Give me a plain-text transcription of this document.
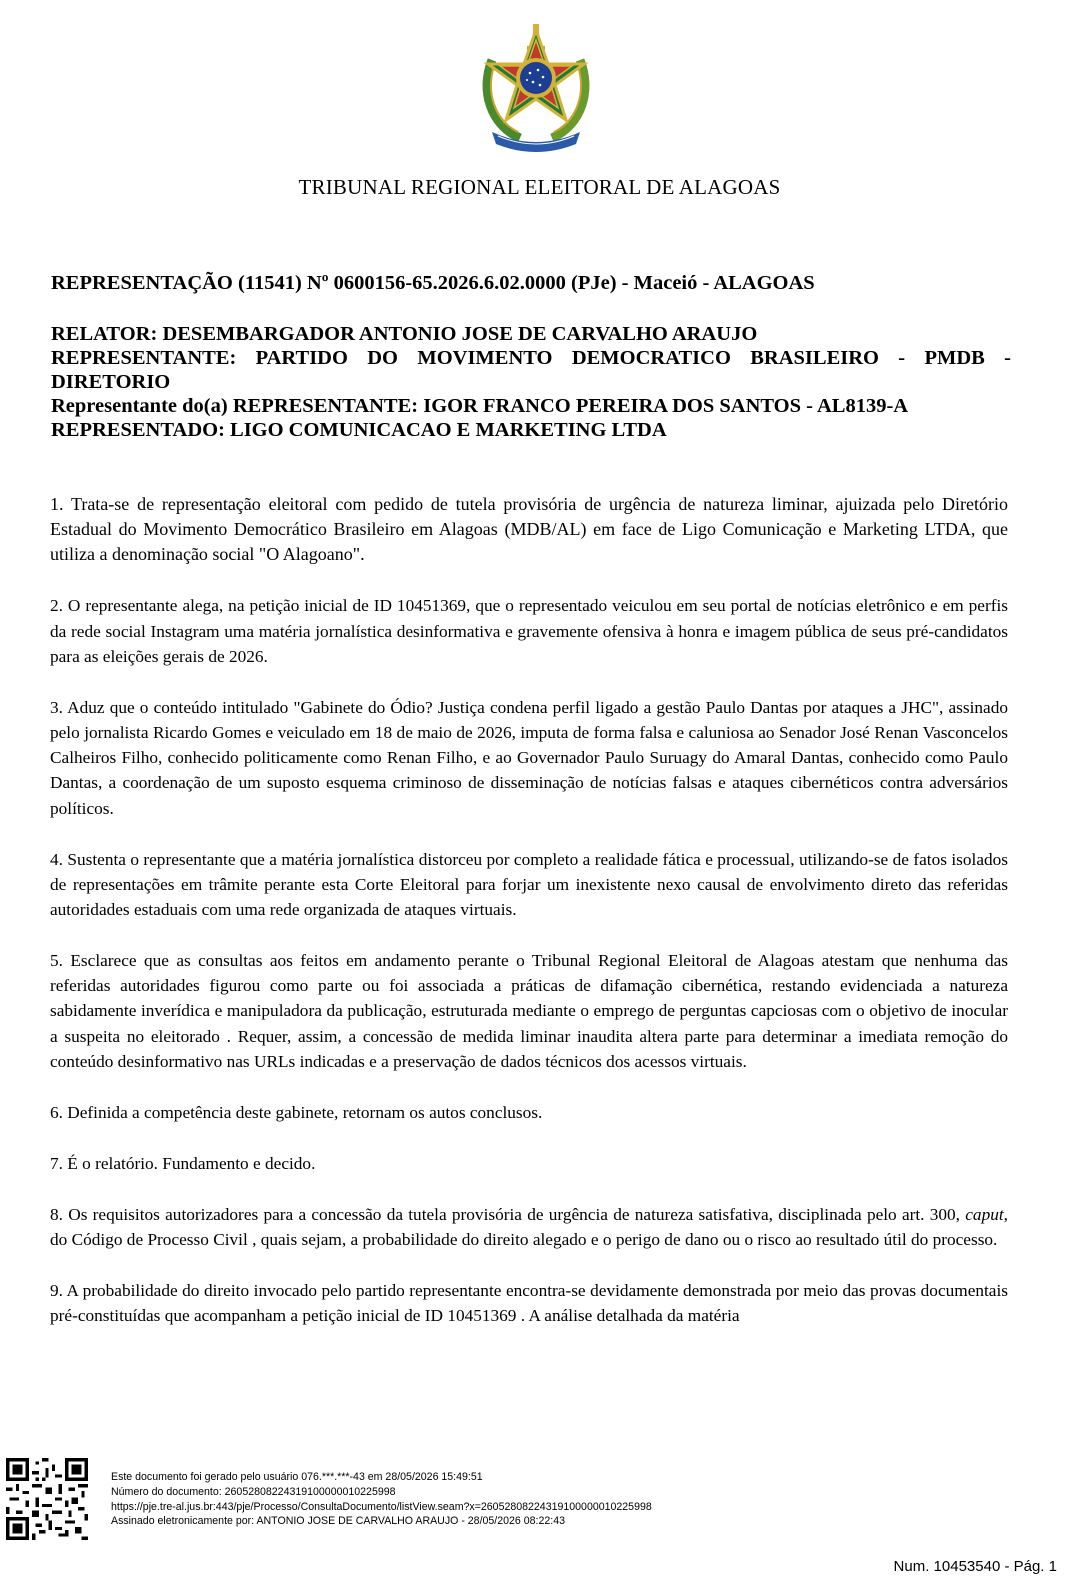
TRIBUNAL REGIONAL ELEITORAL DE ALAGOAS
REPRESENTAÇÃO (11541) Nº 0600156-65.2026.6.02.0000 (PJe) - Maceió - ALAGOAS
RELATOR: DESEMBARGADOR ANTONIO JOSE DE CARVALHO ARAUJO
REPRESENTANTE: PARTIDO DO MOVIMENTO DEMOCRATICO BRASILEIRO - PMDB - DIRETORIO
Representante do(a) REPRESENTANTE: IGOR FRANCO PEREIRA DOS SANTOS - AL8139-A
REPRESENTADO: LIGO COMUNICACAO E MARKETING LTDA

1. Trata-se de representação eleitoral com pedido de tutela provisória de urgência de natureza liminar, ajuizada pelo Diretório Estadual do Movimento Democrático Brasileiro em Alagoas (MDB/AL) em face de Ligo Comunicação e Marketing LTDA, que utiliza a denominação social "O Alagoano".

2. O representante alega, na petição inicial de ID 10451369, que o representado veiculou em seu portal de notícias eletrônico e em perfis da rede social Instagram uma matéria jornalística desinformativa e gravemente ofensiva à honra e imagem pública de seus pré-candidatos para as eleições gerais de 2026.

3. Aduz que o conteúdo intitulado "Gabinete do Ódio? Justiça condena perfil ligado a gestão Paulo Dantas por ataques a JHC", assinado pelo jornalista Ricardo Gomes e veiculado em 18 de maio de 2026, imputa de forma falsa e caluniosa ao Senador José Renan Vasconcelos Calheiros Filho, conhecido politicamente como Renan Filho, e ao Governador Paulo Suruagy do Amaral Dantas, conhecido como Paulo Dantas, a coordenação de um suposto esquema criminoso de disseminação de notícias falsas e ataques cibernéticos contra adversários políticos.

4. Sustenta o representante que a matéria jornalística distorceu por completo a realidade fática e processual, utilizando-se de fatos isolados de representações em trâmite perante esta Corte Eleitoral para forjar um inexistente nexo causal de envolvimento direto das referidas autoridades estaduais com uma rede organizada de ataques virtuais.

5. Esclarece que as consultas aos feitos em andamento perante o Tribunal Regional Eleitoral de Alagoas atestam que nenhuma das referidas autoridades figurou como parte ou foi associada a práticas de difamação cibernética, restando evidenciada a natureza sabidamente inverídica e manipuladora da publicação, estruturada mediante o emprego de perguntas capciosas com o objetivo de inocular a suspeita no eleitorado . Requer, assim, a concessão de medida liminar inaudita altera parte para determinar a imediata remoção do conteúdo desinformativo nas URLs indicadas e a preservação de dados técnicos dos acessos virtuais.

6. Definida a competência deste gabinete, retornam os autos conclusos.

7. É o relatório. Fundamento e decido.

8. Os requisitos autorizadores para a concessão da tutela provisória de urgência de natureza satisfativa, disciplinada pelo art. 300, caput, do Código de Processo Civil , quais sejam, a probabilidade do direito alegado e o perigo de dano ou o risco ao resultado útil do processo.

9. A probabilidade do direito invocado pelo partido representante encontra-se devidamente demonstrada por meio das provas documentais pré-constituídas que acompanham a petição inicial de ID 10451369 . A análise detalhada da matéria

Este documento foi gerado pelo usuário 076.***.***-43 em 28/05/2026 15:49:51
Número do documento: 26052808224319100000010225998
https://pje.tre-al.jus.br:443/pje/Processo/ConsultaDocumento/listView.seam?x=26052808224319100000010225998
Assinado eletronicamente por: ANTONIO JOSE DE CARVALHO ARAUJO - 28/05/2026 08:22:43
Num. 10453540 - Pág. 1
